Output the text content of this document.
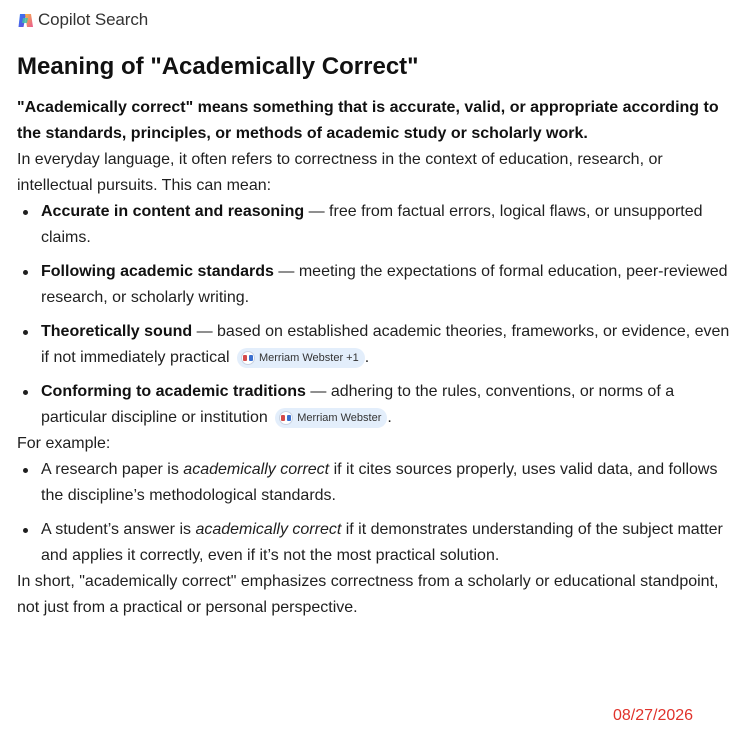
Copilot Search
Meaning of "Academically Correct"

"Academically correct" means something that is accurate, valid, or appropriate according to the standards, principles, or methods of academic study or scholarly work.

In everyday language, it often refers to correctness in the context of education, research, or intellectual pursuits. This can mean:

Accurate in content and reasoning — free from factual errors, logical flaws, or unsupported claims.
Following academic standards — meeting the expectations of formal education, peer-reviewed research, or scholarly writing.
Theoretically sound — based on established academic theories, frameworks, or evidence, even if not immediately practical	Merriam Webster +1 .
Conforming to academic traditions — adhering to the rules, conventions, or norms of a particular discipline or institution	Merriam Webster .

For example:

A research paper is academically correct if it cites sources properly, uses valid data, and follows the discipline’s methodological standards.
A student’s answer is academically correct if it demonstrates understanding of the subject matter and applies it correctly, even if it’s not the most practical solution.

In short, "academically correct" emphasizes correctness from a scholarly or educational standpoint, not just from a practical or personal perspective.

08/27/2026
